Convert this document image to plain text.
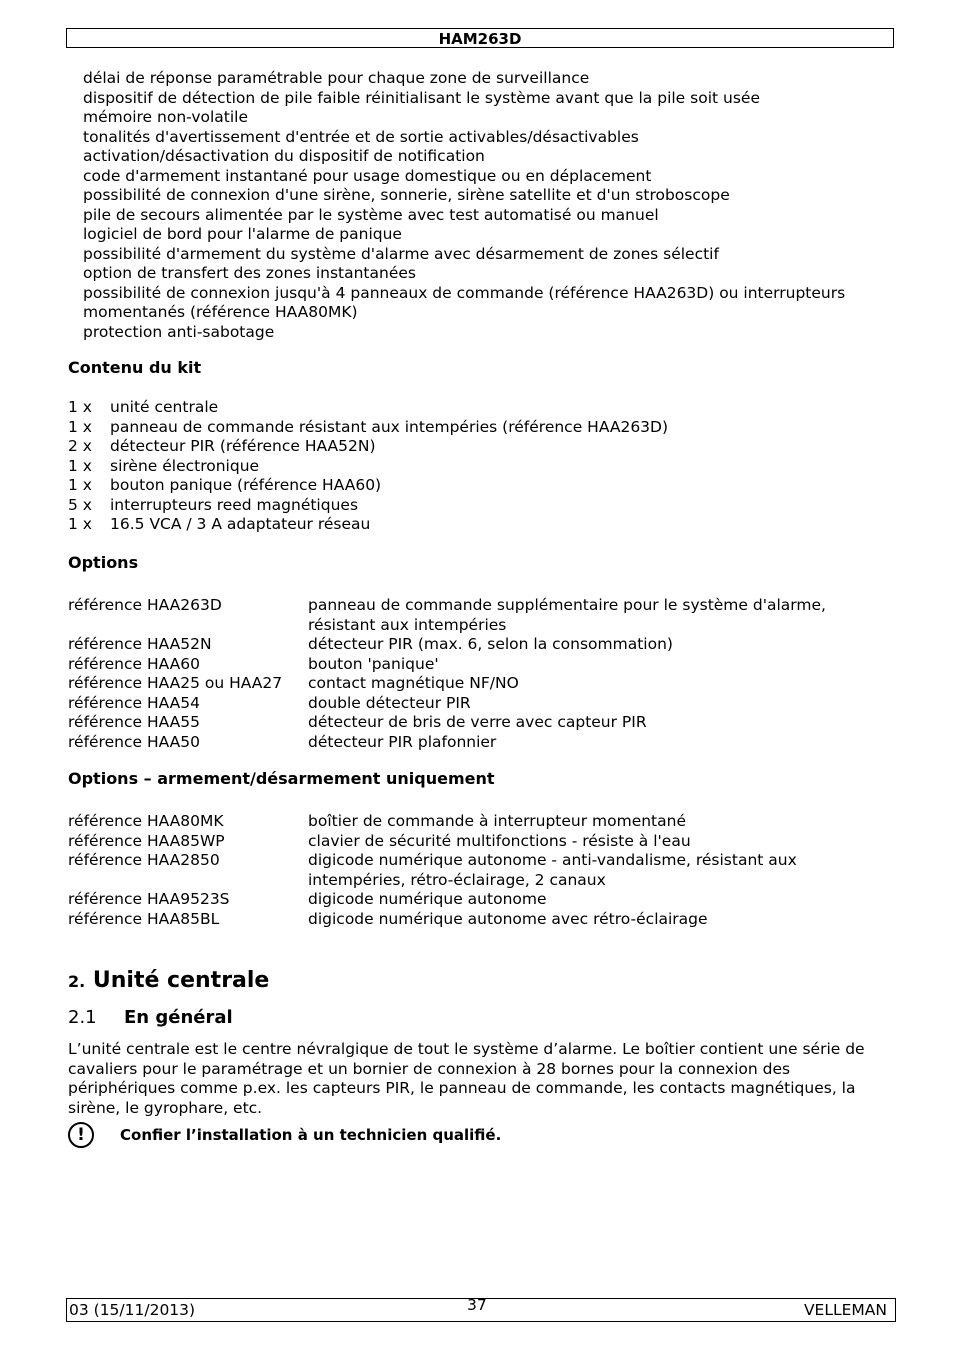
HAM263D
délai de réponse paramétrable pour chaque zone de surveillance
dispositif de détection de pile faible réinitialisant le système avant que la pile soit usée
mémoire non-volatile
tonalités d'avertissement d'entrée et de sortie activables/désactivables
activation/désactivation du dispositif de notification
code d'armement instantané pour usage domestique ou en déplacement
possibilité de connexion d'une sirène, sonnerie, sirène satellite et d'un stroboscope
pile de secours alimentée par le système avec test automatisé ou manuel
logiciel de bord pour l'alarme de panique
possibilité d'armement du système d'alarme avec désarmement de zones sélectif
option de transfert des zones instantanées
possibilité de connexion jusqu'à 4 panneaux de commande (référence HAA263D) ou interrupteurs momentanés (référence HAA80MK)
protection anti-sabotage
Contenu du kit
1 x	unité centrale
1 x	panneau de commande résistant aux intempéries (référence HAA263D)
2 x	détecteur PIR (référence HAA52N)
1 x	sirène électronique
1 x	bouton panique (référence HAA60)
5 x	interrupteurs reed magnétiques
1 x	16.5 VCA / 3 A adaptateur réseau
Options
référence HAA263D	panneau de commande supplémentaire pour le système d'alarme, résistant aux intempéries
référence HAA52N	détecteur PIR (max. 6, selon la consommation)
référence HAA60	bouton 'panique'
référence HAA25 ou HAA27	contact magnétique NF/NO
référence HAA54	double détecteur PIR
référence HAA55	détecteur de bris de verre avec capteur PIR
référence HAA50	détecteur PIR plafonnier
Options – armement/désarmement uniquement
référence HAA80MK	boîtier de commande à interrupteur momentané
référence HAA85WP	clavier de sécurité multifonctions - résiste à l'eau
référence HAA2850	digicode numérique autonome - anti-vandalisme, résistant aux intempéries, rétro-éclairage, 2 canaux
référence HAA9523S	digicode numérique autonome
référence HAA85BL	digicode numérique autonome avec rétro-éclairage
2. Unité centrale
2.1 En général
L’unité centrale est le centre névralgique de tout le système d’alarme. Le boîtier contient une série de cavaliers pour le paramétrage et un bornier de connexion à 28 bornes pour la connexion des périphériques comme p.ex. les capteurs PIR, le panneau de commande, les contacts magnétiques, la sirène, le gyrophare, etc.
!	Confier l’installation à un technicien qualifié.
03 (15/11/2013)	37	VELLEMAN
